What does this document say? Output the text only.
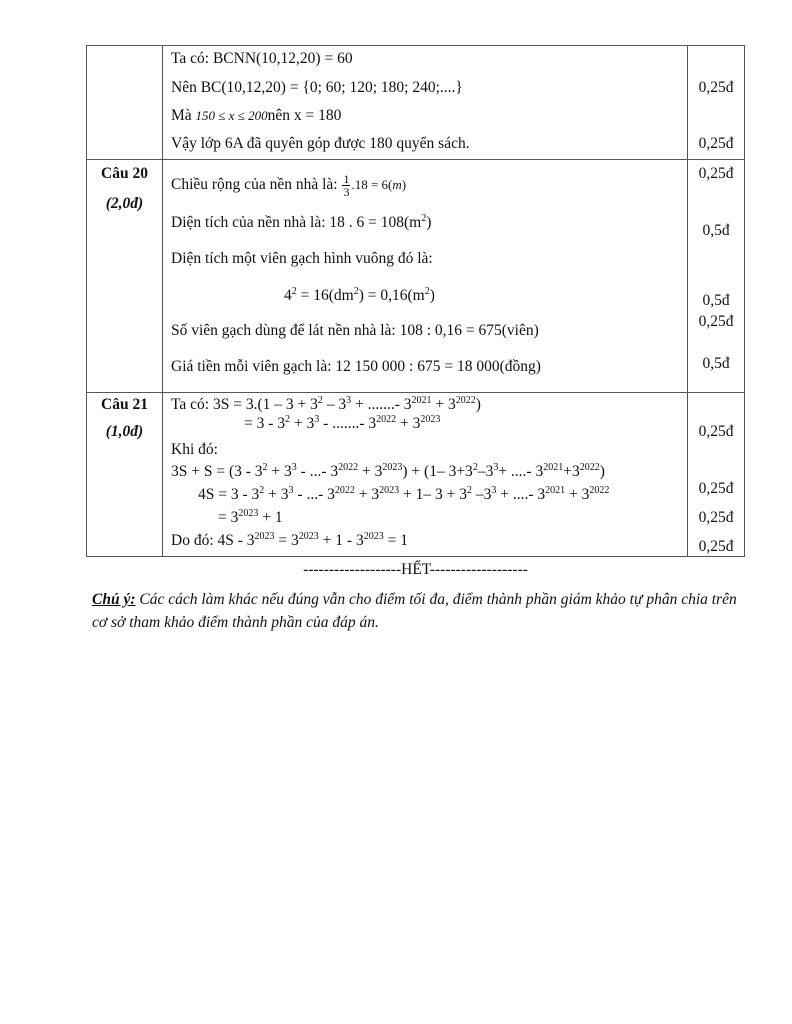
Ta có: BCNN(10,12,20) = 60
Nên BC(10,12,20) = {0; 60; 120; 180; 240;....}
Mà 150 ≤ x ≤ 200nên x = 180
Vậy lớp 6A đã quyên góp được 180 quyển sách.
0,25đ
0,25đ
Câu 20
(2,0đ)
Chiều rộng của nền nhà là: $\frac{1}{3} .18 = 6(m)$
Diện tích của nền nhà là: 18 . $6 = 108(m^2)$
Diện tích một viên gạch hình vuông đó là:
$4^2 = 16(dm^2) = 0,16(m^2)$
Số viên gạch dùng để lát nền nhà là: 108 : 0,16 = 675(viên)
Giá tiền mỗi viên gạch là: 12 150 000 : 675 = 18 000(đồng)
0,25đ
0,5đ
0,5đ
0,25đ
0,5đ
Câu 21
(1,0đ)
Ta có: $3S = 3.(1 - 3 + 3^2 - 3^3$ + .......- $3^{2021} + 3^{2022}$)
= $3 - 3^2 + 3^3$ - .......- $3^{2022} + 3^{2023}$
Khi đó:
$3S + S = (3 - 3^2 + 3^3$ - ...- $3^{2022} + 3^{2023}) + (1-$ $3+3^2-3^3+$ ....- $3^{2021}+3^{2022}$)
$4S = 3 - 3^2 + 3^3$ - ...- $3^{2022} + 3^{2023} + 1-$ $3 + 3^2$ $-3^3$ + ....- $3^{2021} + 3^{2022}$
= $3^{2023} + 1$
Do đó: $4S - 3^{2023} = 3^{2023} + 1 - 3^{2023} = 1$
0,25đ
0,25đ
0,25đ
0,25đ
-------------------HẾT-------------------
Chú ý: Các cách làm khác nếu đúng vẫn cho điểm tối đa, điểm thành phần giám khảo tự phân chia trên cơ sở tham khảo điểm thành phần của đáp án.
